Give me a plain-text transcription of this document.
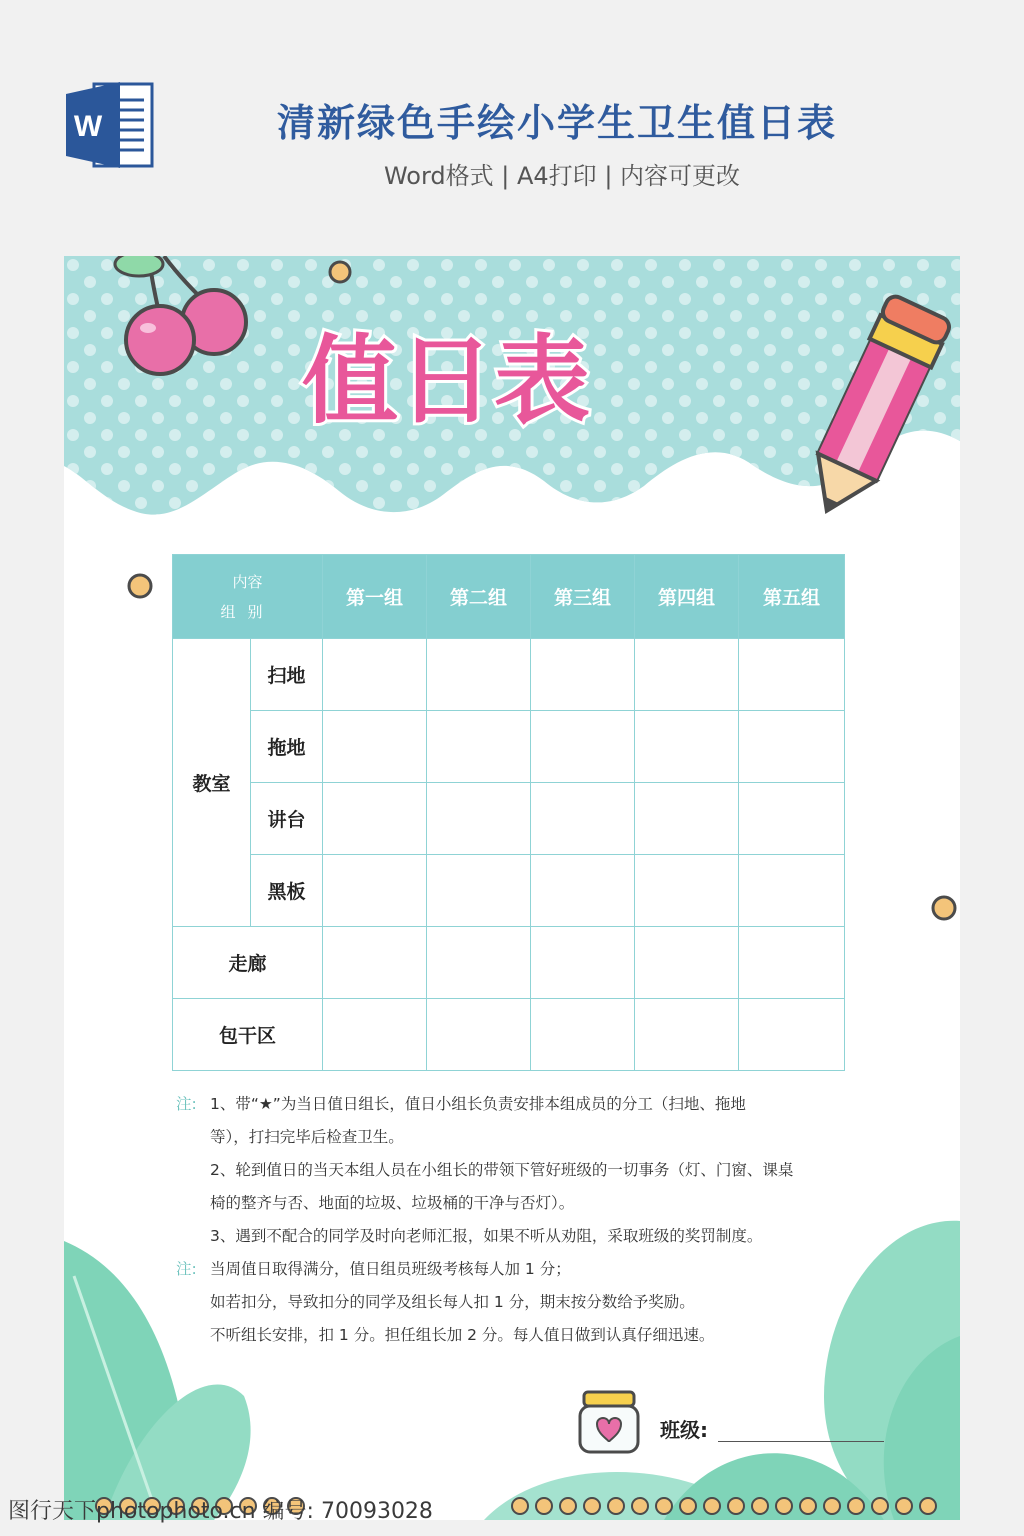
W	清新绿色手绘小学生卫生值日表
Word格式 | A4打印 | 内容可更改
值日表
内容
组别		第一组	第二组	第三组	第四组	第五组
教室	扫地					
	拖地					
	讲台					
	黑板					
走廊						
包干区						
注: 1、带“★”为当日值日组长，值日小组长负责安排本组成员的分工（扫地、拖地
等），打扫完毕后检查卫生。
2、轮到值日的当天本组人员在小组长的带领下管好班级的一切事务（灯、门窗、课桌
椅的整齐与否、地面的垃圾、垃圾桶的干净与否灯）。
3、遇到不配合的同学及时向老师汇报，如果不听从劝阻，采取班级的奖罚制度。
注: 当周值日取得满分，值日组员班级考核每人加 1 分；
如若扣分，导致扣分的同学及组长每人扣 1 分，期末按分数给予奖励。
不听组长安排，扣 1 分。担任组长加 2 分。每人值日做到认真仔细迅速。
班级:
图行天下photophoto.cn 编号: 70093028
